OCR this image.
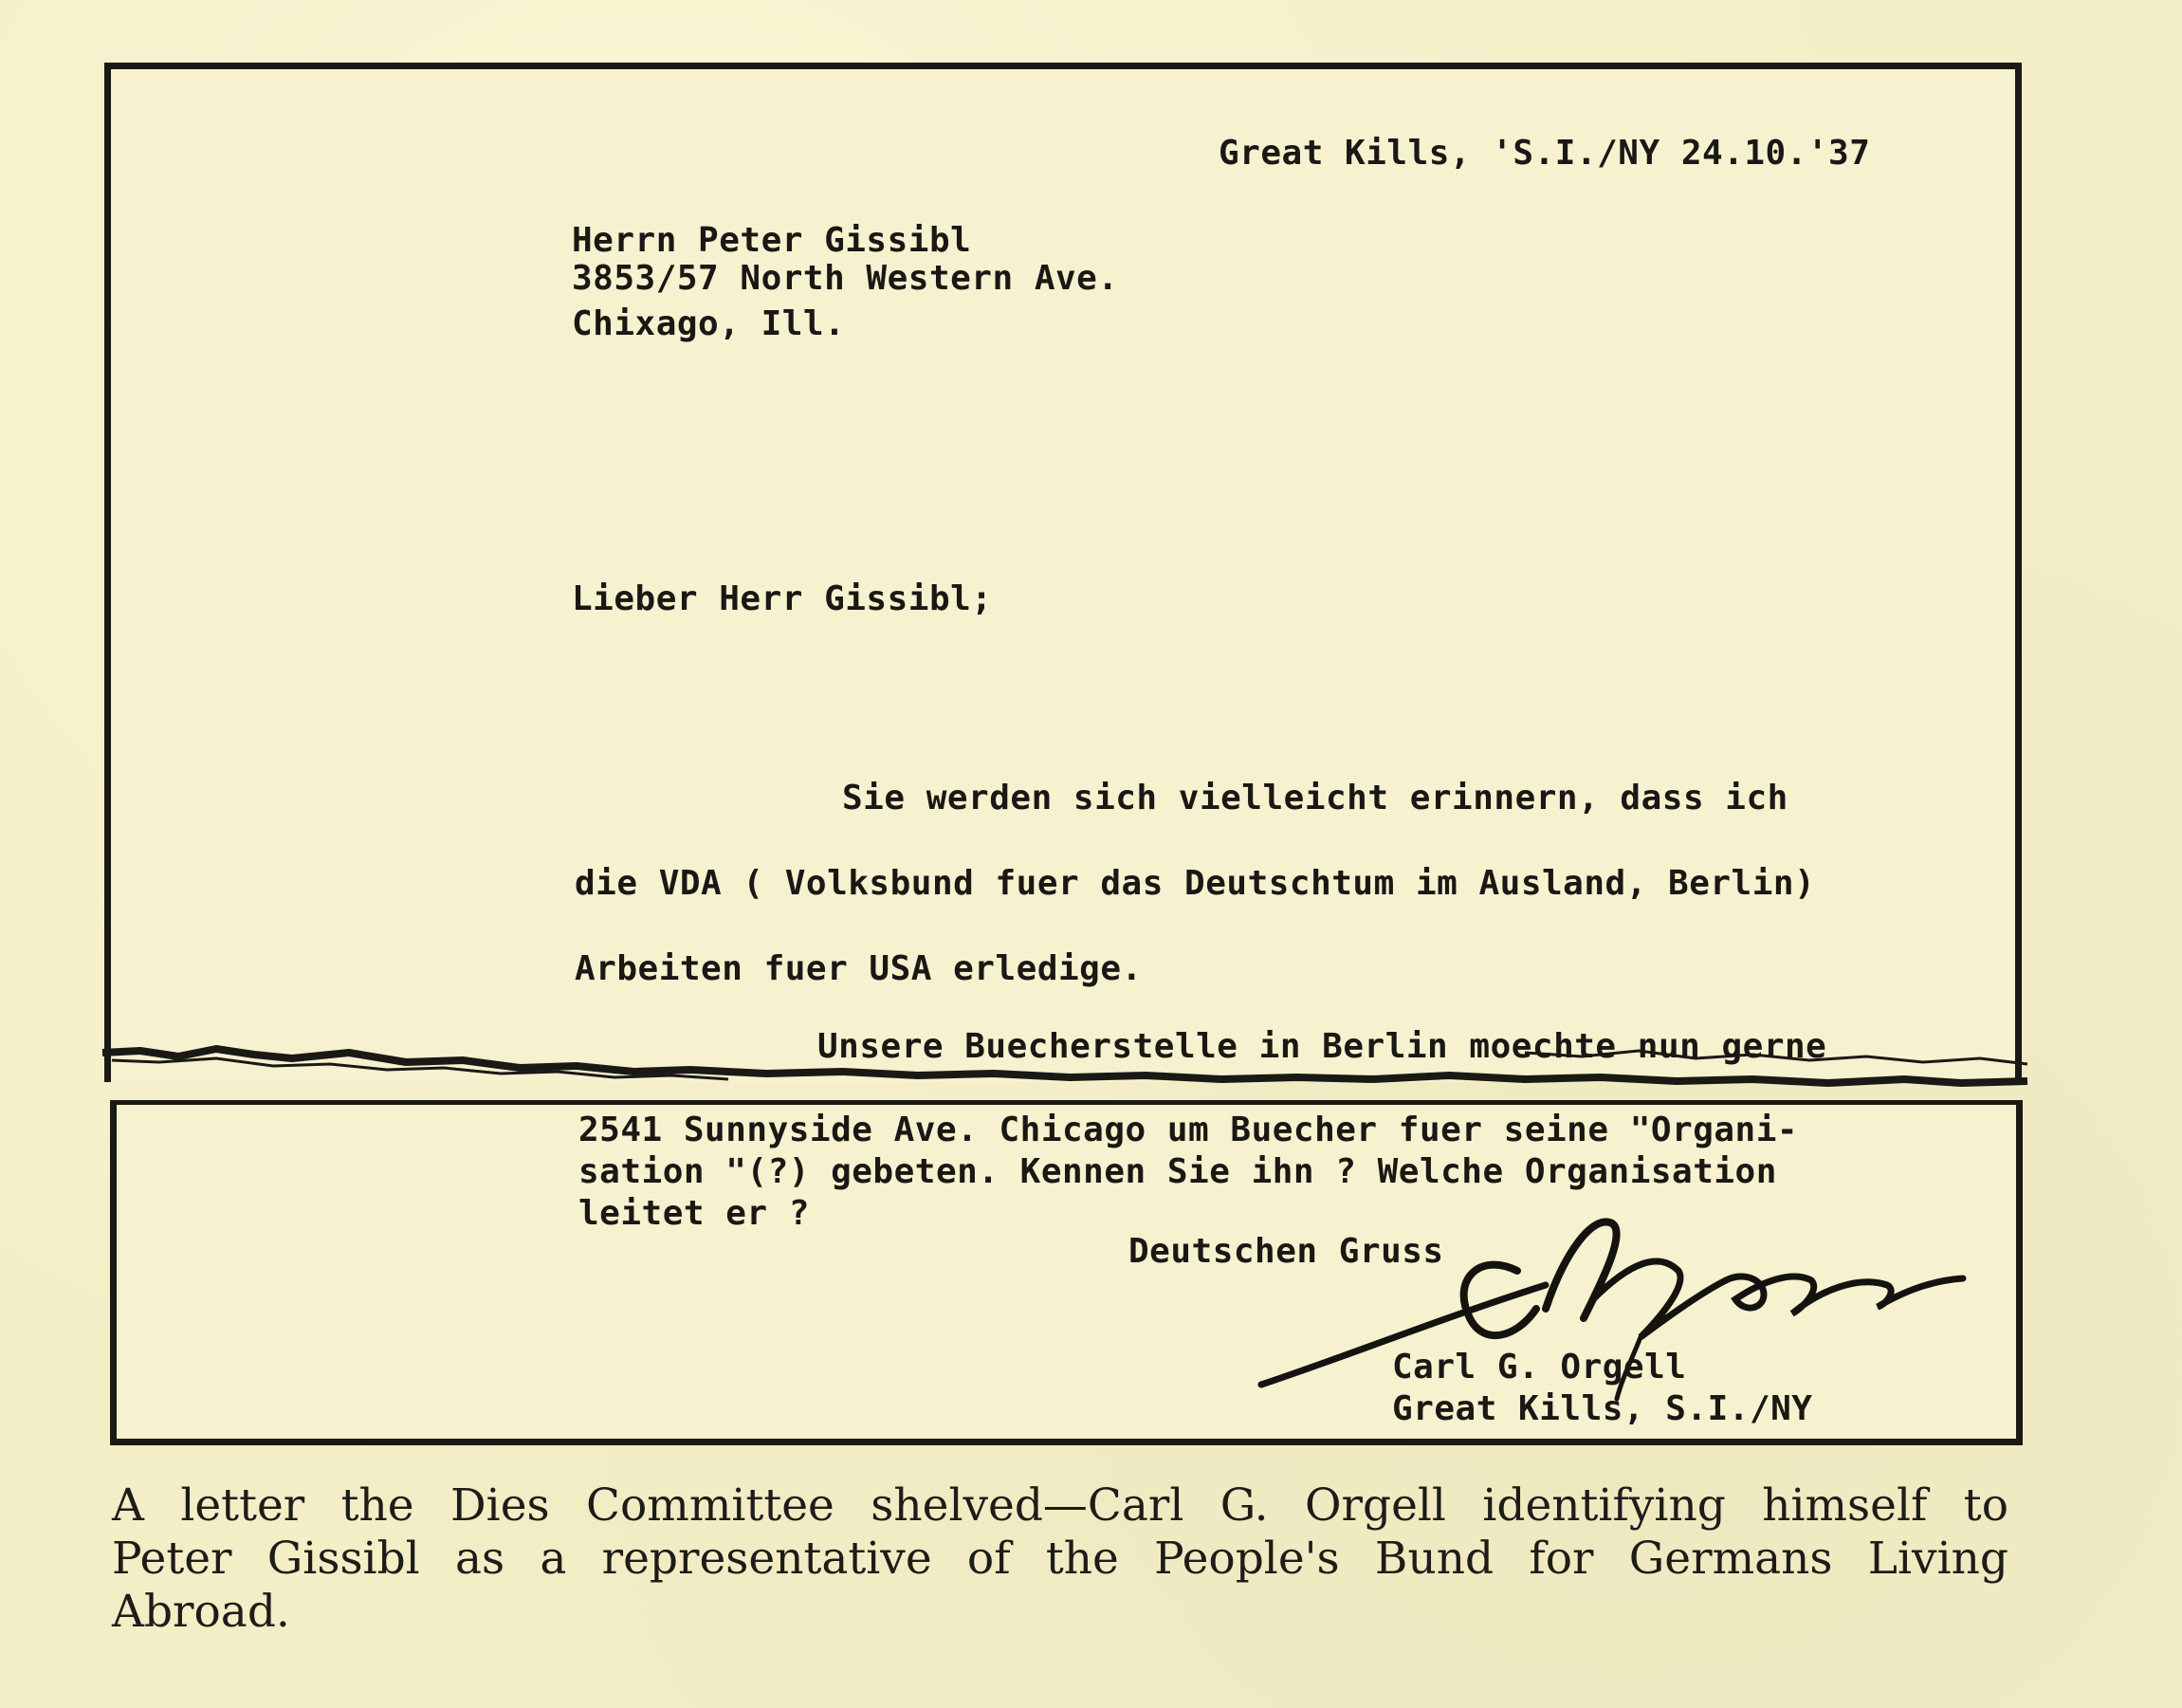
Great Kills, 'S.I./NY 24.10.'37
Herrn Peter Gissibl
3853/57 North Western Ave.
Chixago, Ill.
Lieber Herr Gissibl;
Sie werden sich vielleicht erinnern, dass ich
die VDA ( Volksbund fuer das Deutschtum im Ausland, Berlin)
Arbeiten fuer USA erledige.
Unsere Buecherstelle in Berlin moechte nun gerne
2541 Sunnyside Ave. Chicago um Buecher fuer seine "Organi-
sation "(?) gebeten. Kennen Sie ihn ? Welche Organisation
leitet er ?
Deutschen Gruss
Carl G. Orgell
Great Kills, S.I./NY

A letter the Dies Committee shelved—Carl G. Orgell identifying himself to
Peter Gissibl as a representative of the People's Bund for Germans Living
Abroad.
